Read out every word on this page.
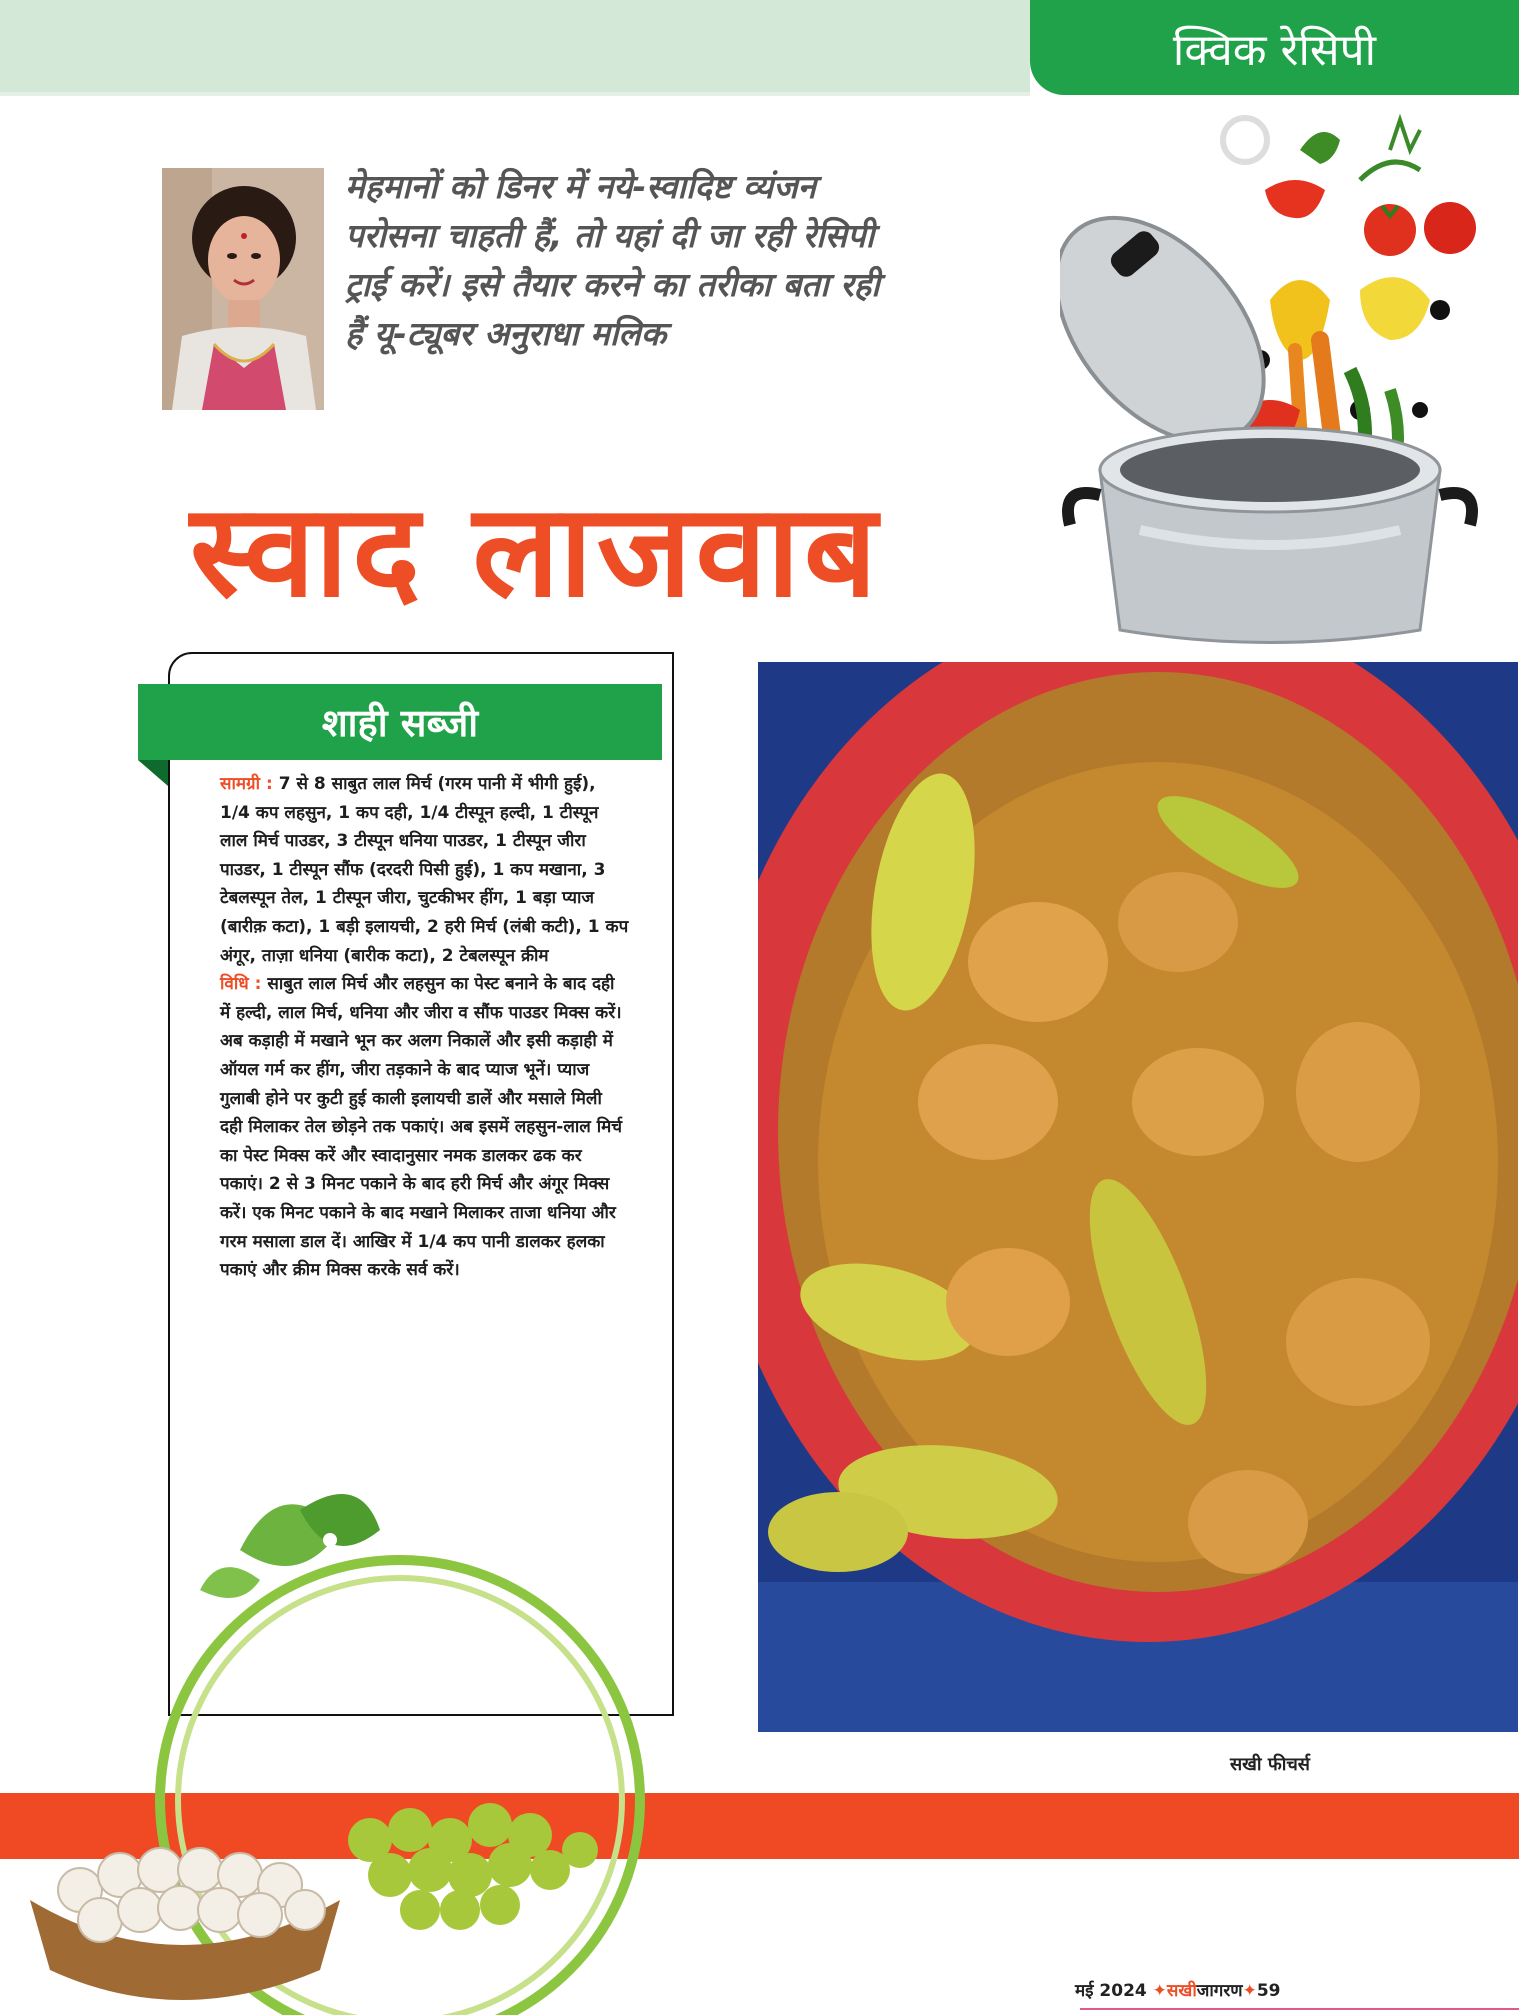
क्विक रेसिपी
मेहमानों को डिनर में नये-स्वादिष्ट व्यंजन
परोसना चाहती हैं, तो यहां दी जा रही रेसिपी
ट्राई करें। इसे तैयार करने का तरीका बता रही
हैं यू-ट्यूबर अनुराधा मलिक
स्वाद लाजवाब
शाही सब्जी
सामग्री : 7 से 8 साबुत लाल मिर्च (गरम पानी में भीगी हुई), 1/4 कप लहसुन, 1 कप दही, 1/4 टीस्पून हल्दी, 1 टीस्पून लाल मिर्च पाउडर, 3 टीस्पून धनिया पाउडर, 1 टीस्पून जीरा पाउडर, 1 टीस्पून सौंफ (दरदरी पिसी हुई), 1 कप मखाना, 3 टेबलस्पून तेल, 1 टीस्पून जीरा, चुटकीभर हींग, 1 बड़ा प्याज (बारीक़ कटा), 1 बड़ी इलायची, 2 हरी मिर्च (लंबी कटी), 1 कप अंगूर, ताज़ा धनिया (बारीक कटा), 2 टेबलस्पून क्रीम
विधि : साबुत लाल मिर्च और लहसुन का पेस्ट बनाने के बाद दही में हल्दी, लाल मिर्च, धनिया और जीरा व सौंफ पाउडर मिक्स करें। अब कड़ाही में मखाने भून कर अलग निकालें और इसी कड़ाही में ऑयल गर्म कर हींग, जीरा तड़काने के बाद प्याज भूनें। प्याज गुलाबी होने पर कुटी हुई काली इलायची डालें और मसाले मिली दही मिलाकर तेल छोड़ने तक पकाएं। अब इसमें लहसुन-लाल मिर्च का पेस्ट मिक्स करें और स्वादानुसार नमक डालकर ढक कर पकाएं। 2 से 3 मिनट पकाने के बाद हरी मिर्च और अंगूर मिक्स करें। एक मिनट पकाने के बाद मखाने मिलाकर ताजा धनिया और गरम मसाला डाल दें। आखिर में 1/4 कप पानी डालकर हलका पकाएं और क्रीम मिक्स करके सर्व करें।
सखी फीचर्स
मई 2024 ✦सखीजागरण✦59
